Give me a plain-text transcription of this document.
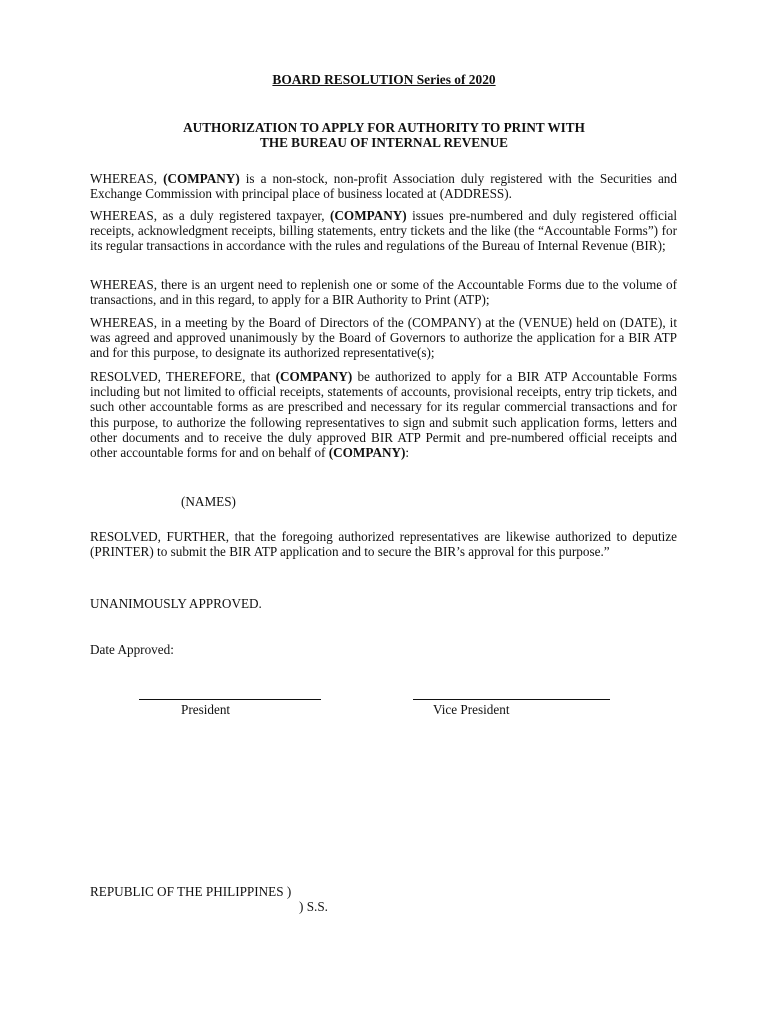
BOARD RESOLUTION Series of 2020
AUTHORIZATION TO APPLY FOR AUTHORITY TO PRINT WITH
THE BUREAU OF INTERNAL REVENUE

WHEREAS, (COMPANY) is a non-stock, non-profit Association duly registered with the Securities and Exchange Commission with principal place of business located at (ADDRESS).

WHEREAS, as a duly registered taxpayer, (COMPANY) issues pre-numbered and duly registered official receipts, acknowledgment receipts, billing statements, entry tickets and the like (the “Accountable Forms”) for its regular transactions in accordance with the rules and regulations of the Bureau of Internal Revenue (BIR);

WHEREAS, there is an urgent need to replenish one or some of the Accountable Forms due to the volume of transactions, and in this regard, to apply for a BIR Authority to Print (ATP);

WHEREAS, in a meeting by the Board of Directors of the (COMPANY) at the (VENUE) held on (DATE), it was agreed and approved unanimously by the Board of Governors to authorize the application for a BIR ATP and for this purpose, to designate its authorized representative(s);

RESOLVED, THEREFORE, that (COMPANY) be authorized to apply for a BIR ATP Accountable Forms including but not limited to official receipts, statements of accounts, provisional receipts, entry trip tickets, and such other accountable forms as are prescribed and necessary for its regular commercial transactions and for this purpose, to authorize the following representatives to sign and submit such application forms, letters and other documents and to receive the duly approved BIR ATP Permit and pre-numbered official receipts and other accountable forms for and on behalf of (COMPANY):

(NAMES)

RESOLVED, FURTHER, that the foregoing authorized representatives are likewise authorized to deputize (PRINTER) to submit the BIR ATP application and to secure the BIR’s approval for this purpose.”

UNANIMOUSLY APPROVED.
Date Approved:
President	Vice President
REPUBLIC OF THE PHILIPPINES )
) S.S.
